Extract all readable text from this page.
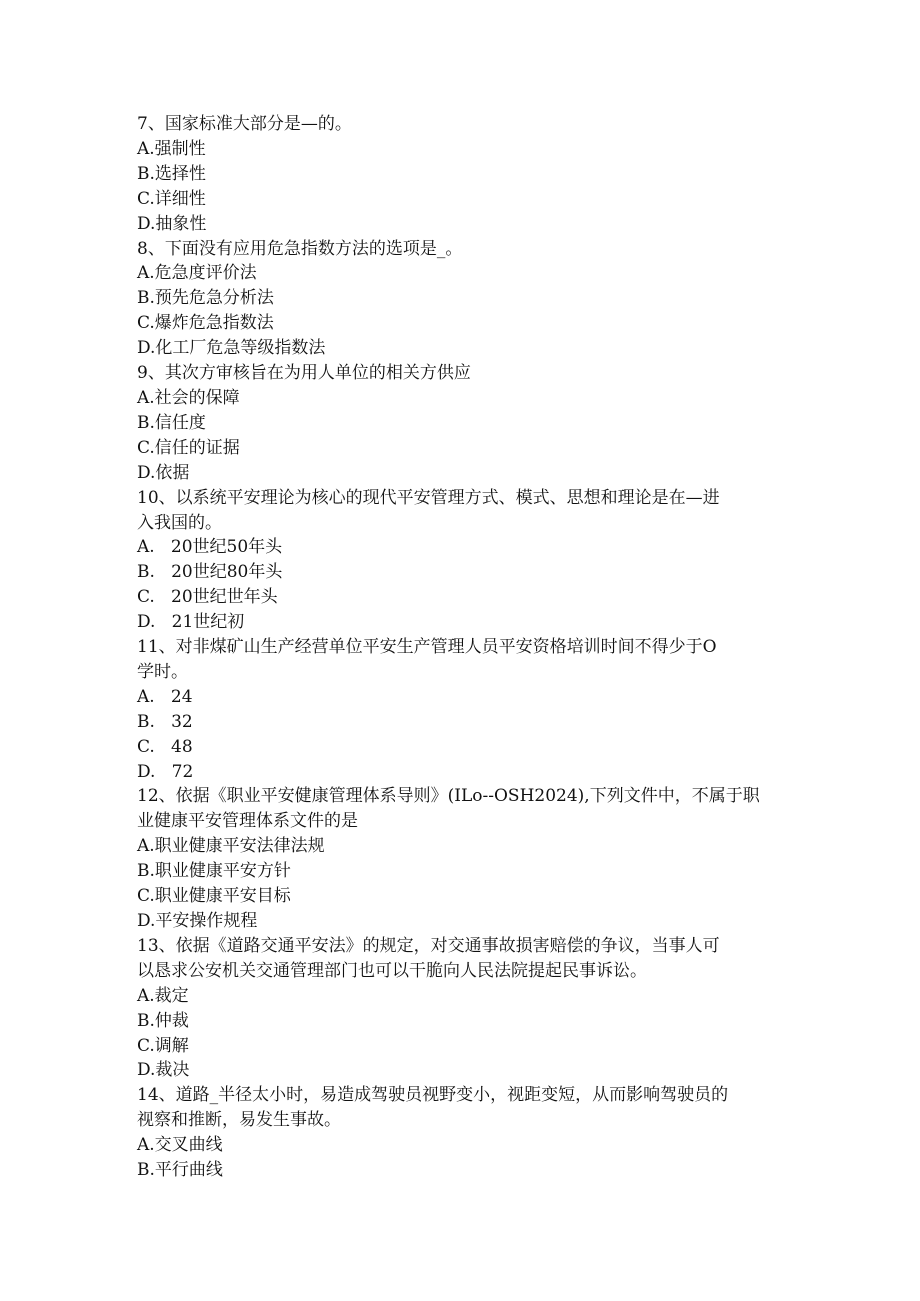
7、国家标准大部分是—的。
A.强制性
B.选择性
C.详细性
D.抽象性
8、下面没有应用危急指数方法的选项是_。
A.危急度评价法
B.预先危急分析法
C.爆炸危急指数法
D.化工厂危急等级指数法
9、其次方审核旨在为用人单位的相关方供应
A.社会的保障
B.信任度
C.信任的证据
D.依据
10、以系统平安理论为核心的现代平安管理方式、模式、思想和理论是在—进
入我国的。
A.   20世纪50年头
B.   20世纪80年头
C.   20世纪世年头
D.   21世纪初
11、对非煤矿山生产经营单位平安生产管理人员平安资格培训时间不得少于O
学时。
A.   24
B.   32
C.   48
D.   72
12、依据《职业平安健康管理体系导则》(ILo--OSH2024),下列文件中，不属于职
业健康平安管理体系文件的是
A.职业健康平安法律法规
B.职业健康平安方针
C.职业健康平安目标
D.平安操作规程
13、依据《道路交通平安法》的规定，对交通事故损害赔偿的争议，当事人可
以恳求公安机关交通管理部门也可以干脆向人民法院提起民事诉讼。
A.裁定
B.仲裁
C.调解
D.裁决
14、道路_半径太小时，易造成驾驶员视野变小，视距变短，从而影响驾驶员的
视察和推断，易发生事故。
A.交叉曲线
B.平行曲线
